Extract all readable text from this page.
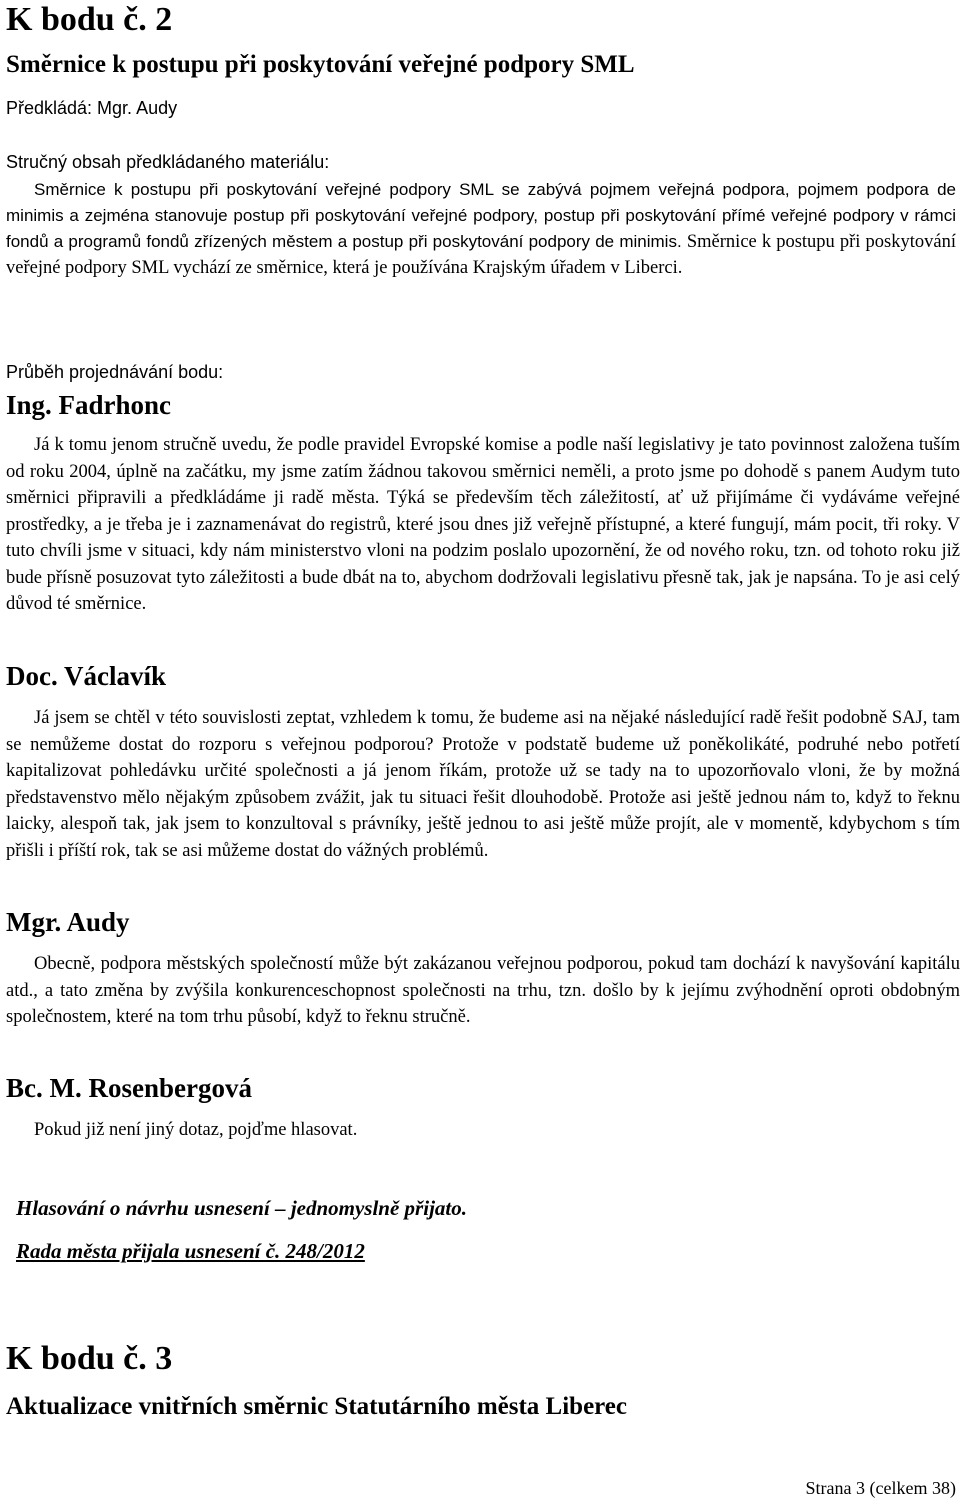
K bodu č. 2
Směrnice k postupu při poskytování veřejné podpory SML
Předkládá: Mgr. Audy
Stručný obsah předkládaného materiálu:

Směrnice k postupu při poskytování veřejné podpory SML se zabývá pojmem veřejná podpora, pojmem podpora de minimis a zejména stanovuje postup při poskytování veřejné podpory, postup při poskytování přímé veřejné podpory v rámci fondů a programů fondů zřízených městem a postup při poskytování podpory de minimis. Směrnice k postupu při poskytování veřejné podpory SML vychází ze směrnice, která je používána Krajským úřadem v Liberci.

Průběh projednávání bodu:
Ing. Fadrhonc

Já k tomu jenom stručně uvedu, že podle pravidel Evropské komise a podle naší legislativy je tato povinnost založena tuším od roku 2004, úplně na začátku, my jsme zatím žádnou takovou směrnici neměli, a proto jsme po dohodě s panem Audym tuto směrnici připravili a předkládáme ji radě města. Týká se především těch záležitostí, ať už přijímáme či vydáváme veřejné prostředky, a je třeba je i zaznamenávat do registrů, které jsou dnes již veřejně přístupné, a které fungují, mám pocit, tři roky. V tuto chvíli jsme v situaci, kdy nám ministerstvo vloni na podzim poslalo upozornění, že od nového roku, tzn. od tohoto roku již bude přísně posuzovat tyto záležitosti a bude dbát na to, abychom dodržovali legislativu přesně tak, jak je napsána. To je asi celý důvod té směrnice.

Doc. Václavík

Já jsem se chtěl v této souvislosti zeptat, vzhledem k tomu, že budeme asi na nějaké následující radě řešit podobně SAJ, tam se nemůžeme dostat do rozporu s veřejnou podporou? Protože v podstatě budeme už poněkolikáté, podruhé nebo potřetí kapitalizovat pohledávku určité společnosti a já jenom říkám, protože už se tady na to upozorňovalo vloni, že by možná představenstvo mělo nějakým způsobem zvážit, jak tu situaci řešit dlouhodobě. Protože asi ještě jednou nám to, když to řeknu laicky, alespoň tak, jak jsem to konzultoval s právníky, ještě jednou to asi ještě může projít, ale v momentě, kdybychom s tím přišli i příští rok, tak se asi můžeme dostat do vážných problémů.

Mgr. Audy

Obecně, podpora městských společností může být zakázanou veřejnou podporou, pokud tam dochází k navyšování kapitálu atd., a tato změna by zvýšila konkurenceschopnost společnosti na trhu, tzn. došlo by k jejímu zvýhodnění oproti obdobným společnostem, které na tom trhu působí, když to řeknu stručně.

Bc. M. Rosenbergová

Pokud již není jiný dotaz, pojďme hlasovat.

Hlasování o návrhu usnesení – jednomyslně přijato.
Rada města přijala usnesení č. 248/2012
K bodu č. 3
Aktualizace vnitřních směrnic Statutárního města Liberec
Strana 3 (celkem 38)
